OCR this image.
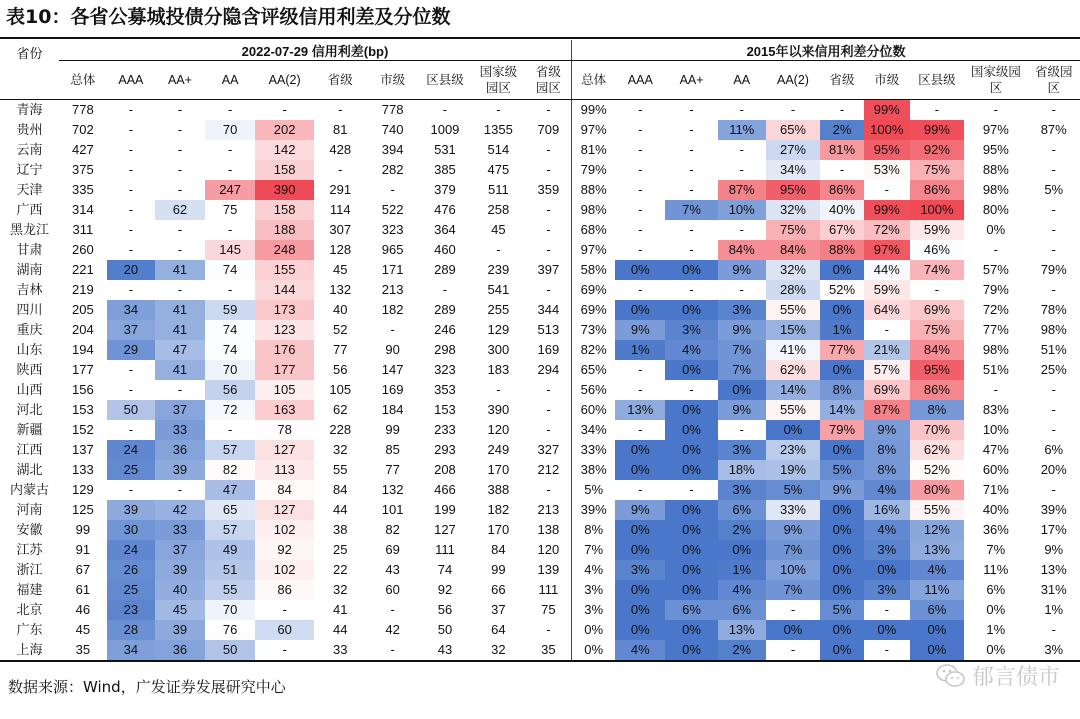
表10：各省公募城投债分隐含评级信用利差及分位数
省份	2022-07-29 信用利差(bp)										2015年以来信用利差分位数									
	总体	AAA	AA+	AA	AA(2)	省级	市级	区县级	国家级园区	省级园区	总体	AAA	AA+	AA	AA(2)	省级	市级	区县级	国家级园区	省级园区
青海	778	-	-	-	-	-	778	-	-	-	99%	-	-	-	-	-	99%	-	-	-
贵州	702	-	-	70	202	81	740	1009	1355	709	97%	-	-	11%	65%	2%	100%	99%	97%	87%
云南	427	-	-	-	142	428	394	531	514	-	81%	-	-	-	27%	81%	95%	92%	95%	-
辽宁	375	-	-	-	158	-	282	385	475	-	79%	-	-	-	34%	-	53%	75%	88%	-
天津	335	-	-	247	390	291	-	379	511	359	88%	-	-	87%	95%	86%	-	86%	98%	5%
广西	314	-	62	75	158	114	522	476	258	-	98%	-	7%	10%	32%	40%	99%	100%	80%	-
黑龙江	311	-	-	-	188	307	323	364	45	-	68%	-	-	-	75%	67%	72%	59%	0%	-
甘肃	260	-	-	145	248	128	965	460	-	-	97%	-	-	84%	84%	88%	97%	46%	-	-
湖南	221	20	41	74	155	45	171	289	239	397	58%	0%	0%	9%	32%	0%	44%	74%	57%	79%
吉林	219	-	-	-	144	132	213	-	541	-	69%	-	-	-	28%	52%	59%	-	79%	-
四川	205	34	41	59	173	40	182	289	255	344	69%	0%	0%	3%	55%	0%	64%	69%	72%	78%
重庆	204	37	41	74	123	52	-	246	129	513	73%	9%	3%	9%	15%	1%	-	75%	77%	98%
山东	194	29	47	74	176	77	90	298	300	169	82%	1%	4%	7%	41%	77%	21%	84%	98%	51%
陕西	177	-	41	70	177	56	147	323	183	294	65%	-	0%	7%	62%	0%	57%	95%	51%	25%
山西	156	-	-	56	105	105	169	353	-	-	56%	-	-	0%	14%	8%	69%	86%	-	-
河北	153	50	37	72	163	62	184	153	390	-	60%	13%	0%	9%	55%	14%	87%	8%	83%	-
新疆	152	-	33	-	78	228	99	233	120	-	34%	-	0%	-	0%	79%	9%	70%	10%	-
江西	137	24	36	57	127	32	85	293	249	327	33%	0%	0%	3%	23%	0%	8%	62%	47%	6%
湖北	133	25	39	82	113	55	77	208	170	212	38%	0%	0%	18%	19%	5%	8%	52%	60%	20%
内蒙古	129	-	-	47	84	84	132	466	388	-	5%	-	-	3%	5%	9%	4%	80%	71%	-
河南	125	39	42	65	127	44	101	199	182	213	39%	9%	0%	6%	33%	0%	16%	55%	40%	39%
安徽	99	30	33	57	102	38	82	127	170	138	8%	0%	0%	2%	9%	0%	4%	12%	36%	17%
江苏	91	24	37	49	92	25	69	111	84	120	7%	0%	0%	0%	7%	0%	3%	13%	7%	9%
浙江	67	26	39	51	102	22	43	74	99	139	4%	3%	0%	1%	10%	0%	0%	4%	11%	13%
福建	61	25	40	55	86	32	60	92	66	111	3%	0%	0%	4%	7%	0%	3%	11%	6%	31%
北京	46	23	45	70	-	41	-	56	37	75	3%	0%	6%	6%	-	5%	-	6%	0%	1%
广东	45	28	39	76	60	44	42	50	64	-	0%	0%	0%	13%	0%	0%	0%	0%	1%	-
上海	35	34	36	50	-	33	-	43	32	35	0%	4%	0%	2%	-	0%	-	0%	0%	3%
数据来源：Wind，广发证券发展研究中心	郁言债市
